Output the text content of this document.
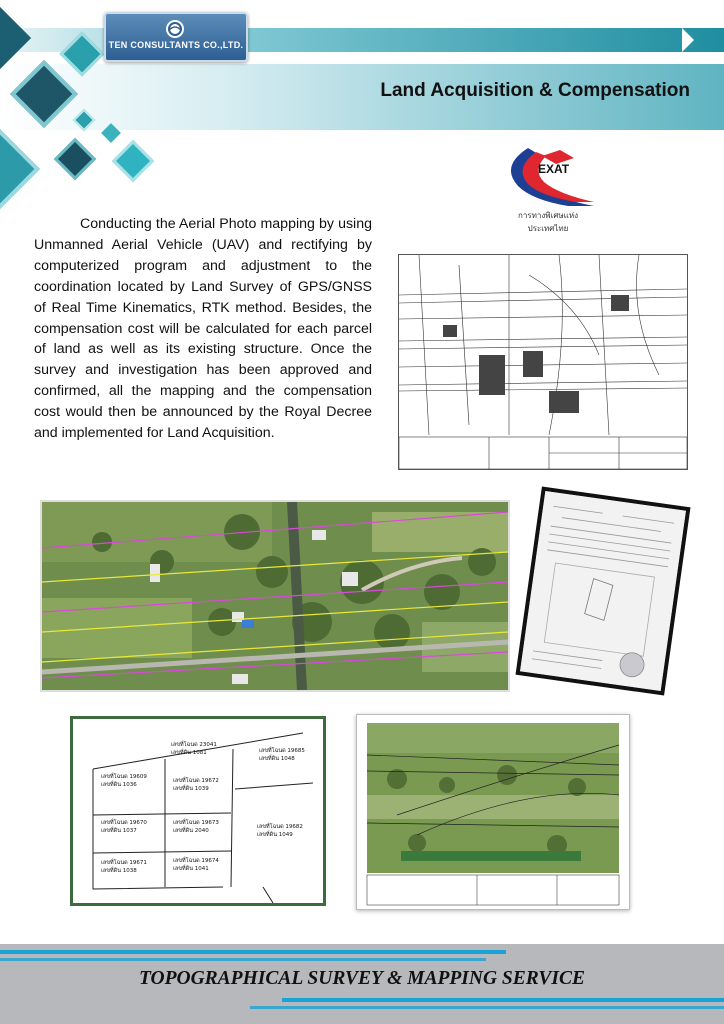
TEN CONSULTANTS CO.,LTD.
Land Acquisition & Compensation
EXAT
การทางพิเศษแห่งประเทศไทย
Conducting the Aerial Photo mapping by using Unmanned Aerial Vehicle (UAV) and rectifying by computerized program and adjustment to the coordination located by Land Survey of GPS/GNSS of Real Time Kinematics, RTK method. Besides, the compensation cost will be calculated for each parcel of land as well as its existing structure. Once the survey and investigation has been approved and confirmed, all the mapping and the compensation cost would then be announced by the Royal Decree and implemented for Land Acquisition.
เลขที่โฉนด 19609
เลขที่ดิน 1036
เลขที่โฉนด 23041
เลขที่ดิน 1081	เลขที่โฉนด 19685
เลขที่ดิน 1048
เลขที่โฉนด 19672
เลขที่ดิน 1039
เลขที่โฉนด 19670
เลขที่ดิน 1037
เลขที่โฉนด 19673
เลขที่ดิน 2040
เลขที่โฉนด 19682
เลขที่ดิน 1049
เลขที่โฉนด 19671
เลขที่ดิน 1038
เลขที่โฉนด 19674
เลขที่ดิน 1041
TOPOGRAPHICAL SURVEY & MAPPING SERVICE
